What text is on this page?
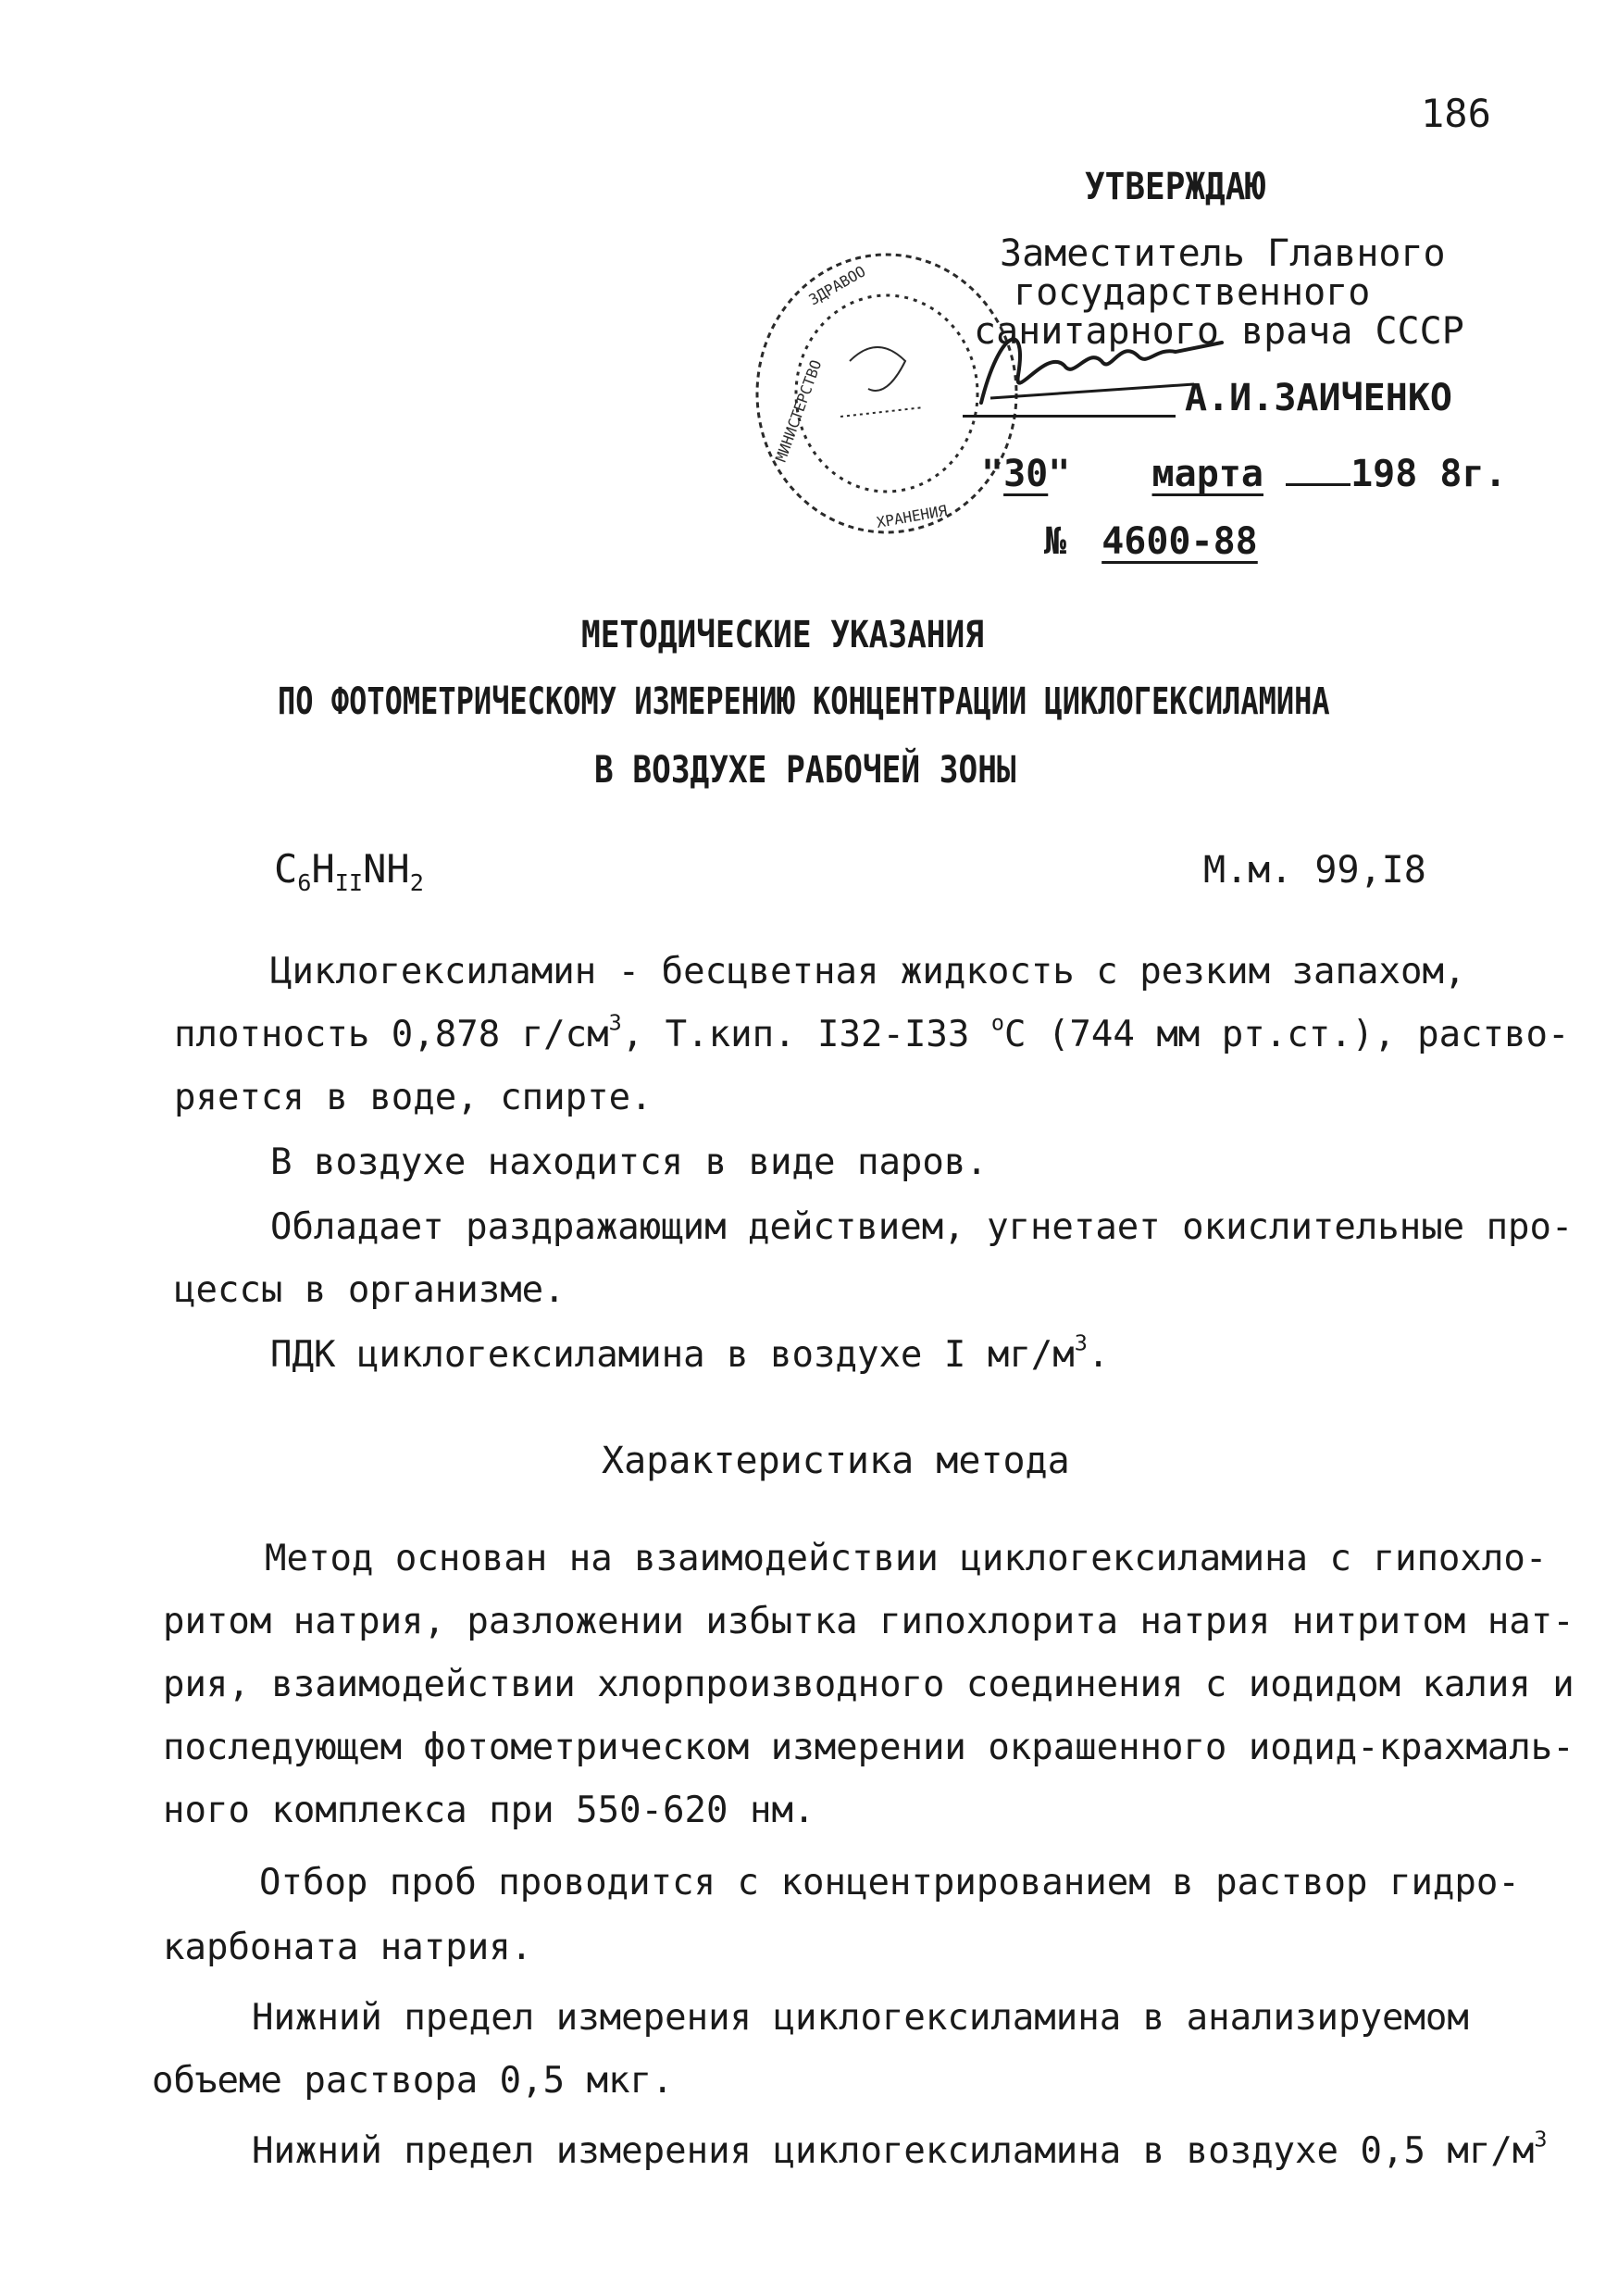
186
УТВЕРЖДАЮ
Заместитель Главного
государственного
санитарного врача СССР
А.И.ЗАИЧЕНКО
МИНИСТЕРСТВО
ЗДРАВОО
ХРАНЕНИЯ
"30" марта 198 8г.
№ 4600-88
МЕТОДИЧЕСКИЕ УКАЗАНИЯ
ПО ФОТОМЕТРИЧЕСКОМУ ИЗМЕРЕНИЮ КОНЦЕНТРАЦИИ ЦИКЛОГЕКСИЛАМИНА
В ВОЗДУХЕ РАБОЧЕЙ ЗОНЫ
$C_6H_{II}NH_2$	М.м. 99,I8
Циклогексиламин - бесцветная жидкость с резким запахом,
плотность 0,878 $г/см^3$, Т.кип. I32-I33 $^о$С (744 мм рт.ст.), раство-
ряется в воде, спирте.
В воздухе находится в виде паров.
Обладает раздражающим действием, угнетает окислительные про-
цессы в организме.
ПДК циклогексиламина в воздухе I $мг/м^3$.
Характеристика метода
Метод основан на взаимодействии циклогексиламина с гипохло-
ритом натрия, разложении избытка гипохлорита натрия нитритом нат-
рия, взаимодействии хлорпроизводного соединения с иодидом калия и
последующем фотометрическом измерении окрашенного иодид-крахмаль-
ного комплекса при 550-620 нм.
Отбор проб проводится с концентрированием в раствор гидро-
карбоната натрия.
Нижний предел измерения циклогексиламина в анализируемом
объеме раствора 0,5 мкг.
Нижний предел измерения циклогексиламина в воздухе 0,5 $мг/м^3$
